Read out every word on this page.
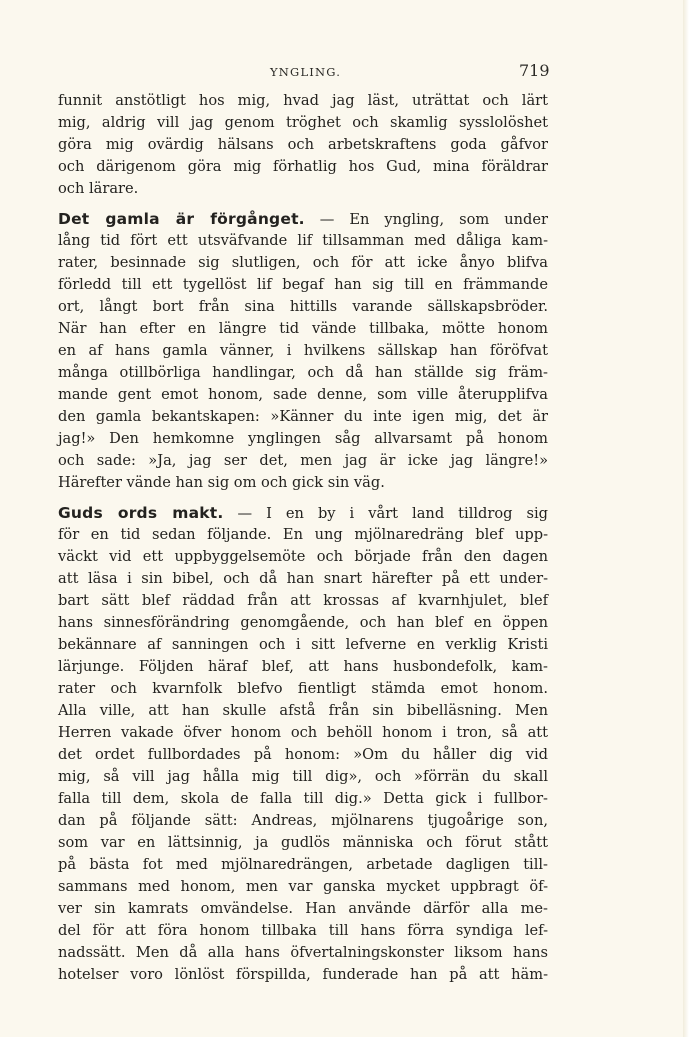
YNGLING.	719
funnit anstötligt hos mig, hvad jag läst, uträttat och lärt
mig, aldrig vill jag genom tröghet och skamlig sysslolöshet
göra mig ovärdig hälsans och arbetskraftens goda gåfvor
och därigenom göra mig förhatlig hos Gud, mina föräldrar
och lärare.
Det gamla är förgånget. — En yngling, som under
lång tid fört ett utsväfvande lif tillsamman med dåliga kam-
rater, besinnade sig slutligen, och för att icke ånyo blifva
förledd till ett tygellöst lif begaf han sig till en främmande
ort, långt bort från sina hittills varande sällskapsbröder.
När han efter en längre tid vände tillbaka, mötte honom
en af hans gamla vänner, i hvilkens sällskap han föröfvat
många otillbörliga handlingar, och då han ställde sig främ-
mande gent emot honom, sade denne, som ville återupplifva
den gamla bekantskapen: »Känner du inte igen mig, det är
jag!» Den hemkomne ynglingen såg allvarsamt på honom
och sade: »Ja, jag ser det, men jag är icke jag längre!»
Härefter vände han sig om och gick sin väg.
Guds ords makt. — I en by i vårt land tilldrog sig
för en tid sedan följande. En ung mjölnaredräng blef upp-
väckt vid ett uppbyggelsemöte och började från den dagen
att läsa i sin bibel, och då han snart härefter på ett under-
bart sätt blef räddad från att krossas af kvarnhjulet, blef
hans sinnesförändring genomgående, och han blef en öppen
bekännare af sanningen och i sitt lefverne en verklig Kristi
lärjunge. Följden häraf blef, att hans husbondefolk, kam-
rater och kvarnfolk blefvo fientligt stämda emot honom.
Alla ville, att han skulle afstå från sin bibelläsning. Men
Herren vakade öfver honom och behöll honom i tron, så att
det ordet fullbordades på honom: »Om du håller dig vid
mig, så vill jag hålla mig till dig», och »förrän du skall
falla till dem, skola de falla till dig.» Detta gick i fullbor-
dan på följande sätt: Andreas, mjölnarens tjugoårige son,
som var en lättsinnig, ja gudlös människa och förut stått
på bästa fot med mjölnaredrängen, arbetade dagligen till-
sammans med honom, men var ganska mycket uppbragt öf-
ver sin kamrats omvändelse. Han använde därför alla me-
del för att föra honom tillbaka till hans förra syndiga lef-
nadssätt. Men då alla hans öfvertalningskonster liksom hans
hotelser voro lönlöst förspillda, funderade han på att häm-
